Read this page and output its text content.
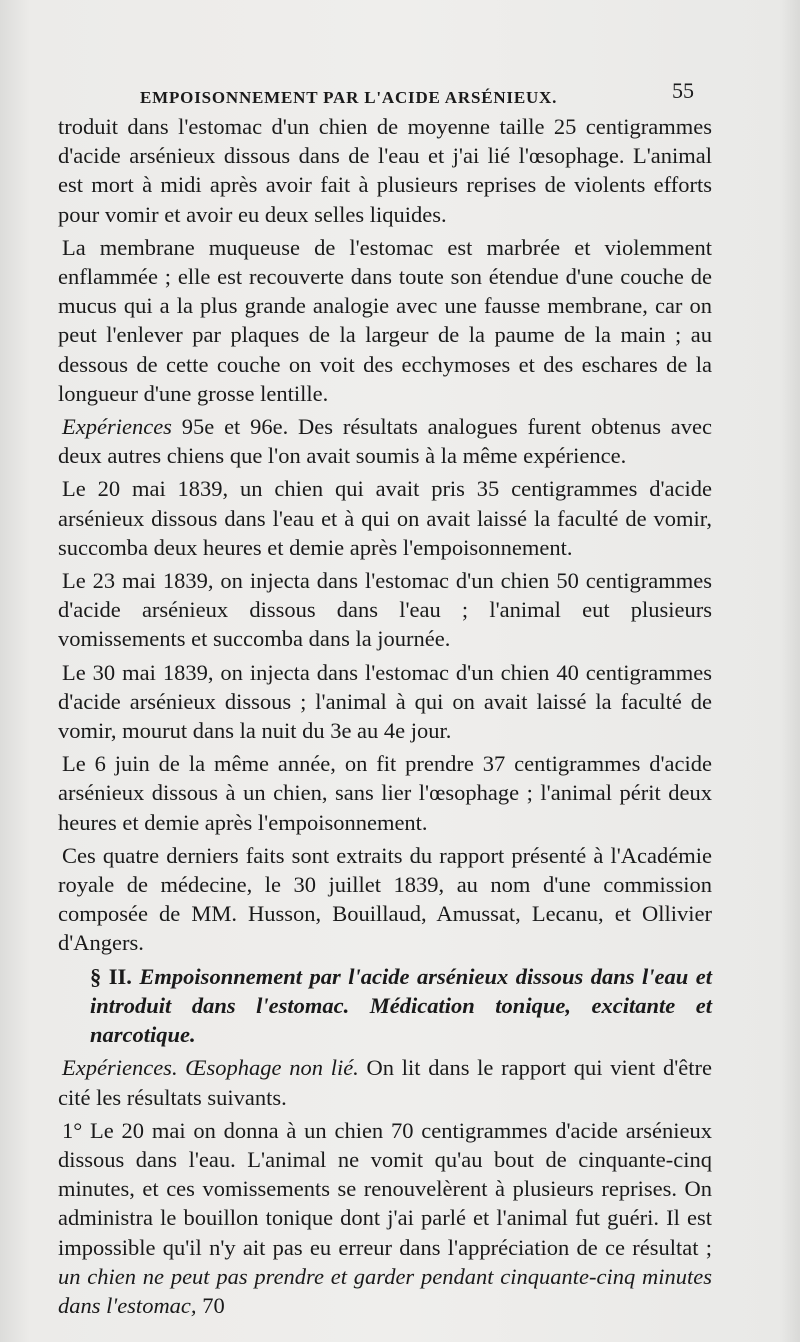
EMPOISONNEMENT PAR L'ACIDE ARSÉNIEUX.	55

troduit dans l'estomac d'un chien de moyenne taille 25 centigrammes d'acide arsénieux dissous dans de l'eau et j'ai lié l'œsophage. L'animal est mort à midi après avoir fait à plusieurs reprises de violents efforts pour vomir et avoir eu deux selles liquides.

La membrane muqueuse de l'estomac est marbrée et violemment enflammée ; elle est recouverte dans toute son étendue d'une couche de mucus qui a la plus grande analogie avec une fausse membrane, car on peut l'enlever par plaques de la largeur de la paume de la main ; au dessous de cette couche on voit des ecchymoses et des eschares de la longueur d'une grosse lentille.

Expériences 95e et 96e. Des résultats analogues furent obtenus avec deux autres chiens que l'on avait soumis à la même expérience.

Le 20 mai 1839, un chien qui avait pris 35 centigrammes d'acide arsénieux dissous dans l'eau et à qui on avait laissé la faculté de vomir, succomba deux heures et demie après l'empoisonnement.

Le 23 mai 1839, on injecta dans l'estomac d'un chien 50 centigrammes d'acide arsénieux dissous dans l'eau ; l'animal eut plusieurs vomissements et succomba dans la journée.

Le 30 mai 1839, on injecta dans l'estomac d'un chien 40 centigrammes d'acide arsénieux dissous ; l'animal à qui on avait laissé la faculté de vomir, mourut dans la nuit du 3e au 4e jour.

Le 6 juin de la même année, on fit prendre 37 centigrammes d'acide arsénieux dissous à un chien, sans lier l'œsophage ; l'animal périt deux heures et demie après l'empoisonnement.

Ces quatre derniers faits sont extraits du rapport présenté à l'Académie royale de médecine, le 30 juillet 1839, au nom d'une commission composée de MM. Husson, Bouillaud, Amussat, Lecanu, et Ollivier d'Angers.

§ II. Empoisonnement par l'acide arsénieux dissous dans l'eau et introduit dans l'estomac. Médication tonique, excitante et narcotique.

Expériences. Œsophage non lié. On lit dans le rapport qui vient d'être cité les résultats suivants.

1° Le 20 mai on donna à un chien 70 centigrammes d'acide arsénieux dissous dans l'eau. L'animal ne vomit qu'au bout de cinquante-cinq minutes, et ces vomissements se renouvelèrent à plusieurs reprises. On administra le bouillon tonique dont j'ai parlé et l'animal fut guéri. Il est impossible qu'il n'y ait pas eu erreur dans l'appréciation de ce résultat ; un chien ne peut pas prendre et garder pendant cinquante-cinq minutes dans l'estomac, 70
